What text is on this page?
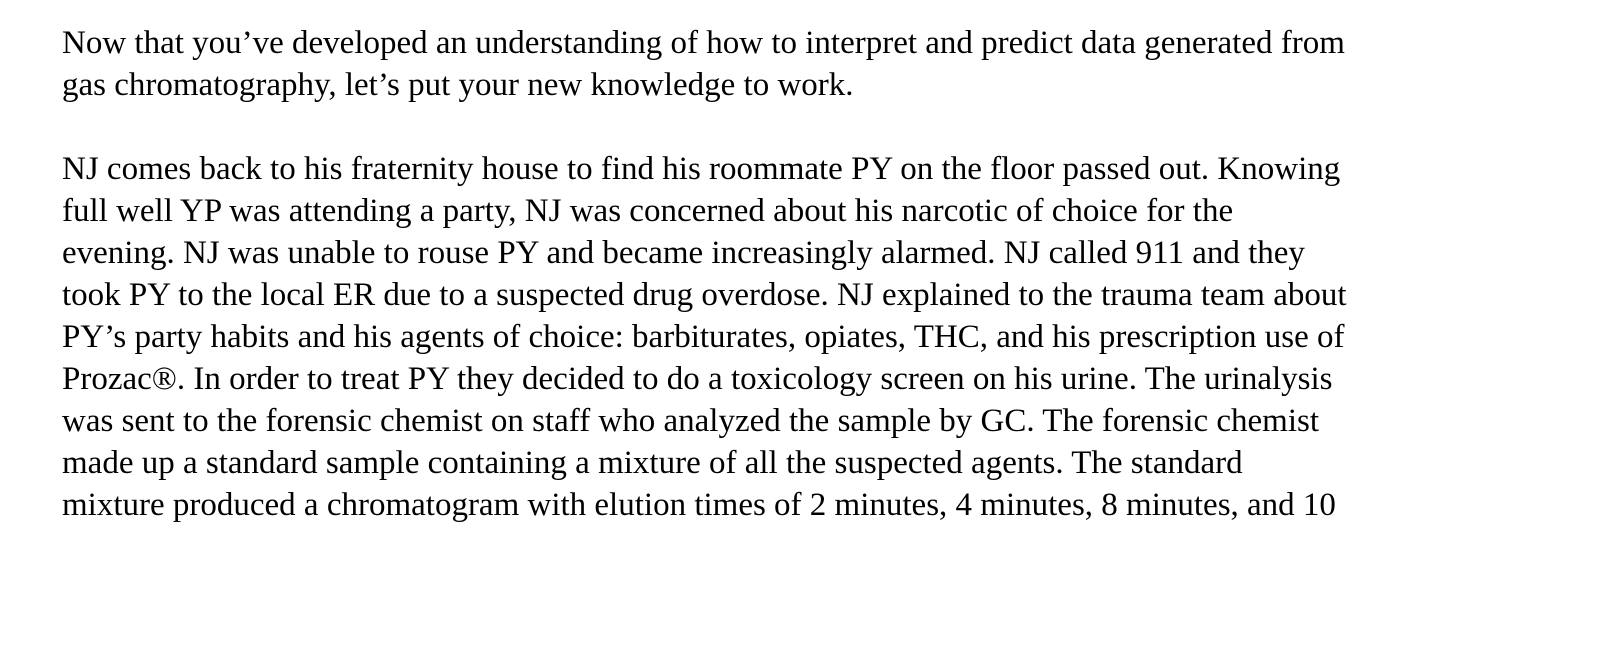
Now that you’ve developed an understanding of how to interpret and predict data generated from
gas chromatography, let’s put your new knowledge to work.

NJ comes back to his fraternity house to find his roommate PY on the floor passed out. Knowing
full well YP was attending a party, NJ was concerned about his narcotic of choice for the
evening. NJ was unable to rouse PY and became increasingly alarmed. NJ called 911 and they
took PY to the local ER due to a suspected drug overdose. NJ explained to the trauma team about
PY’s party habits and his agents of choice: barbiturates, opiates, THC, and his prescription use of
Prozac®. In order to treat PY they decided to do a toxicology screen on his urine. The urinalysis
was sent to the forensic chemist on staff who analyzed the sample by GC. The forensic chemist
made up a standard sample containing a mixture of all the suspected agents. The standard
mixture produced a chromatogram with elution times of 2 minutes, 4 minutes, 8 minutes, and 10
